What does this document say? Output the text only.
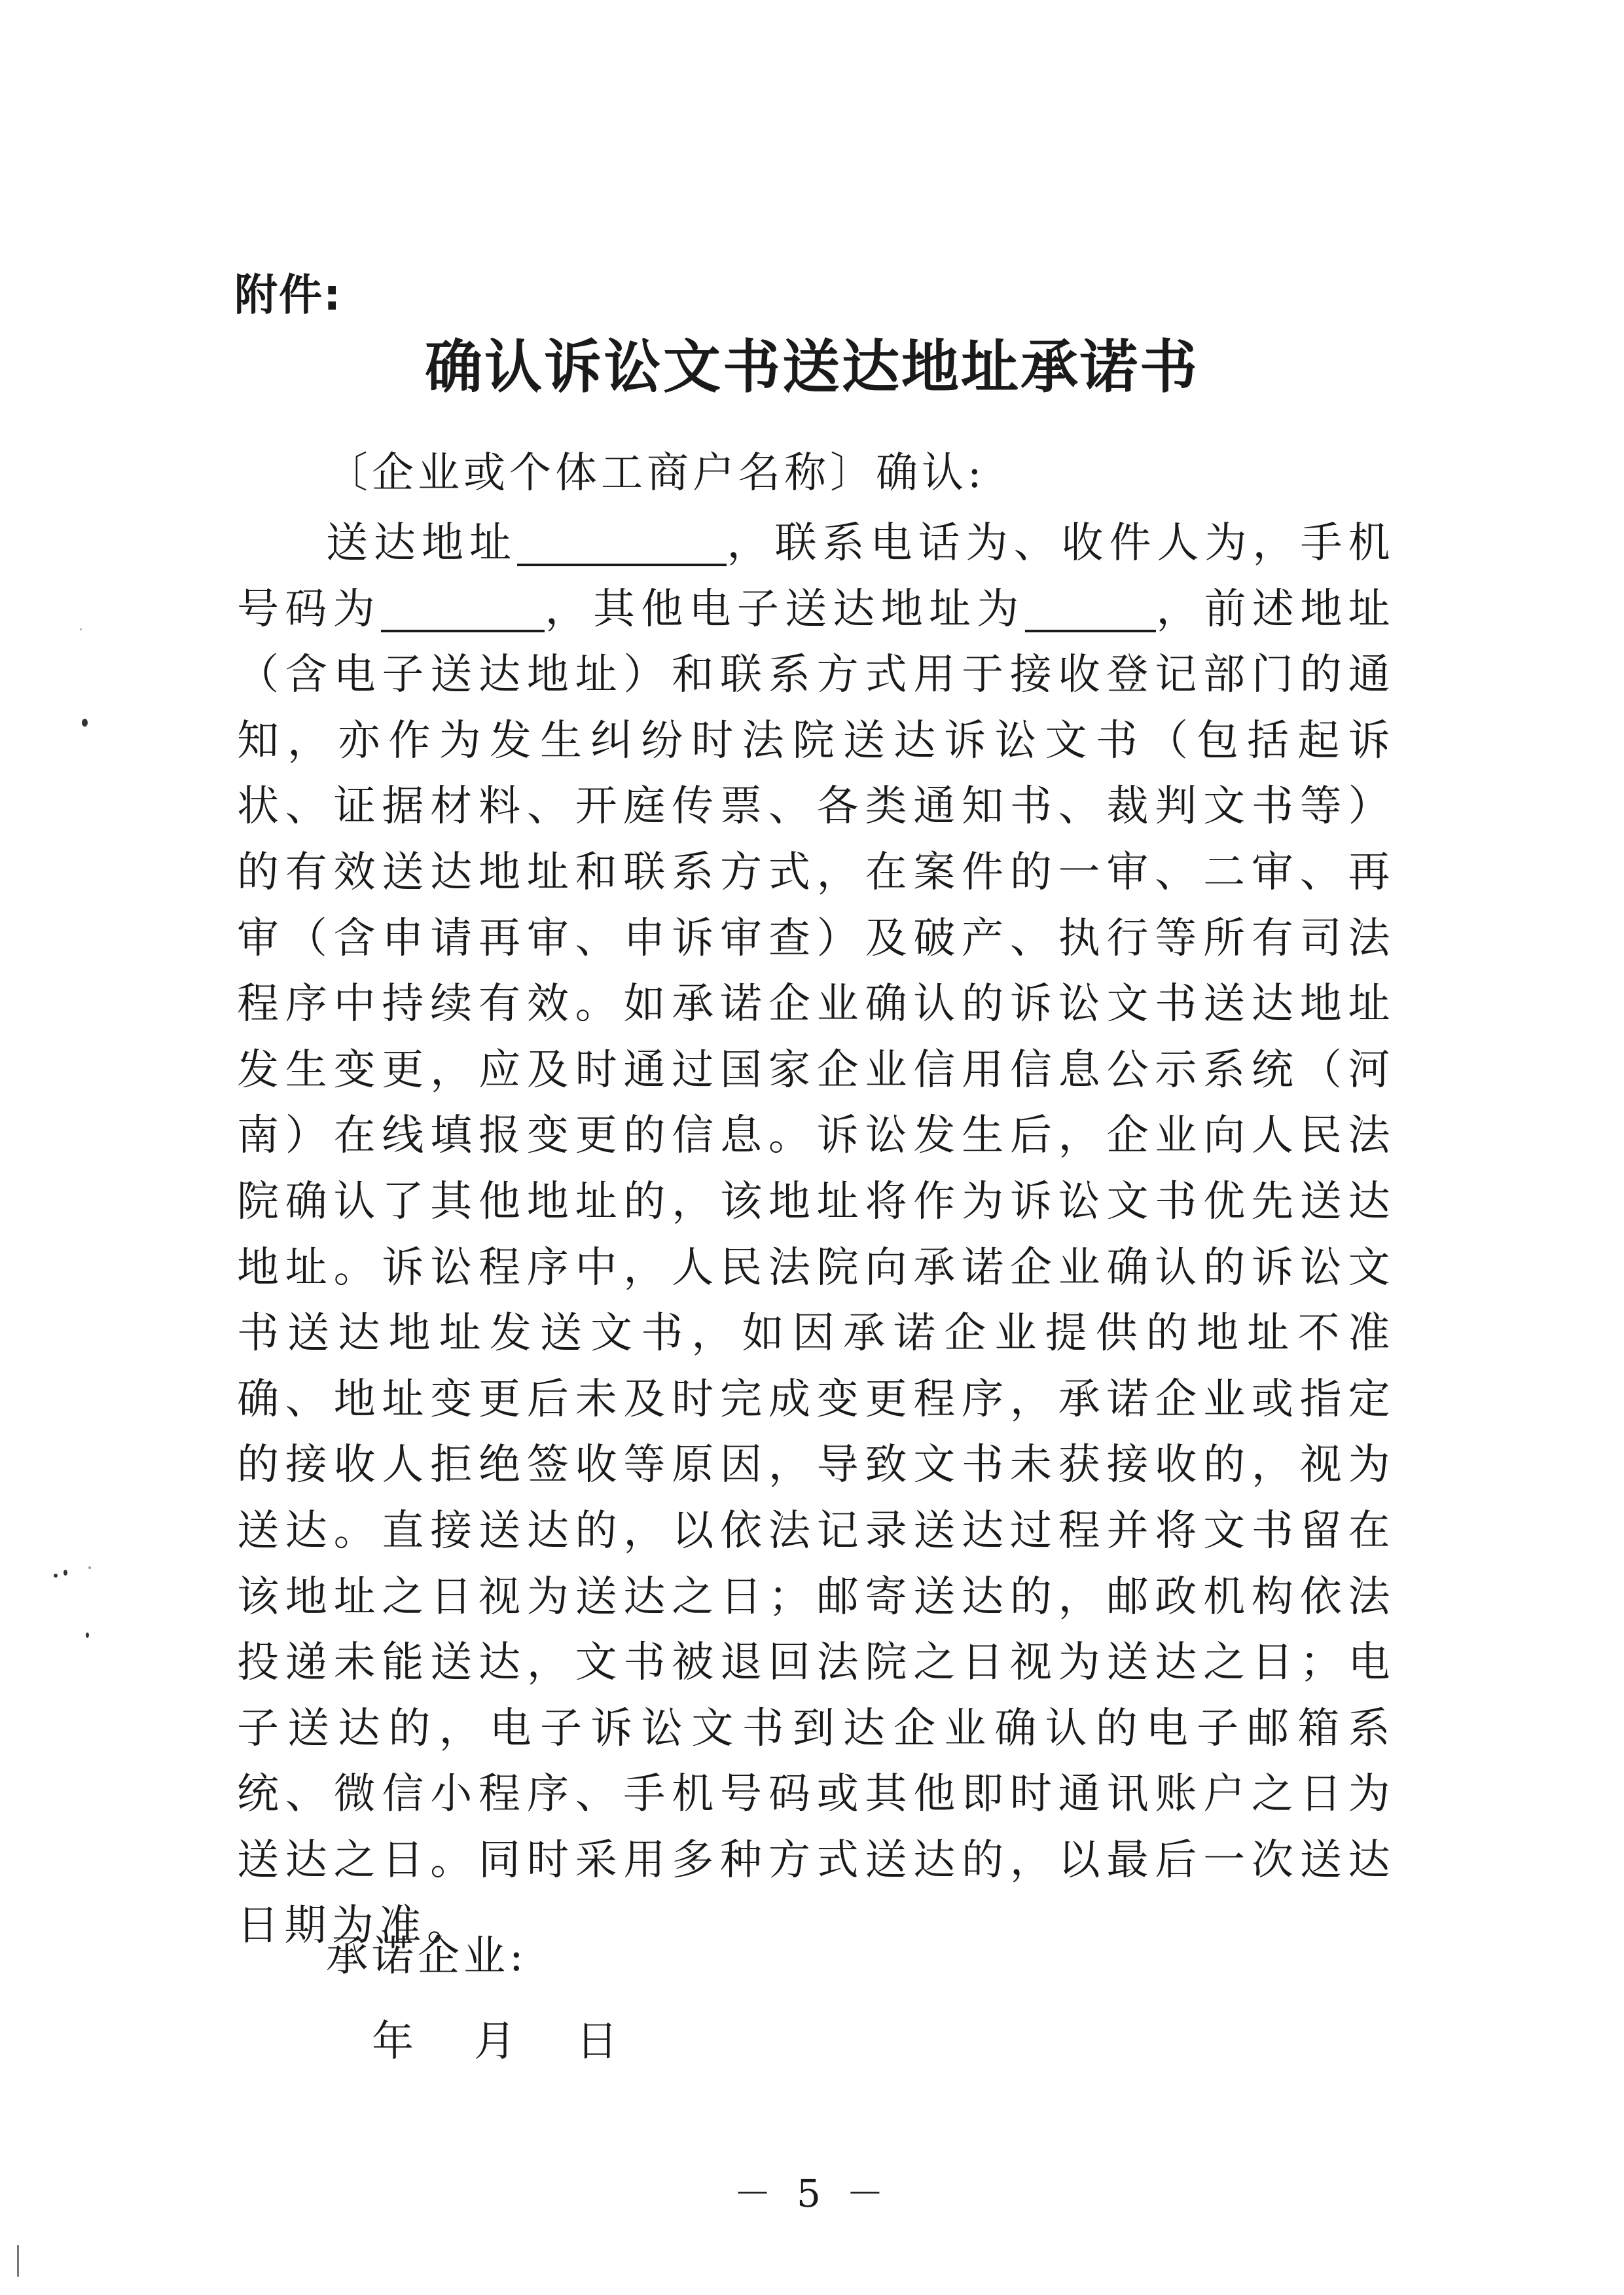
附件:
确认诉讼文书送达地址承诺书
〔企业或个体工商户名称〕确认:
送达地址	，联系电话为、收件人为，手机号码为	，其他电子送达地址为	，前述地址（含电子送达地址）和联系方式用于接收登记部门的通知，亦作为发生纠纷时法院送达诉讼文书（包括起诉状、证据材料、开庭传票、各类通知书、裁判文书等）的有效送达地址和联系方式，在案件的一审、二审、再审（含申请再审、申诉审查）及破产、执行等所有司法程序中持续有效。如承诺企业确认的诉讼文书送达地址发生变更，应及时通过国家企业信用信息公示系统（河南）在线填报变更的信息。诉讼发生后，企业向人民法院确认了其他地址的，该地址将作为诉讼文书优先送达地址。诉讼程序中，人民法院向承诺企业确认的诉讼文书送达地址发送文书，如因承诺企业提供的地址不准确、地址变更后未及时完成变更程序，承诺企业或指定的接收人拒绝签收等原因，导致文书未获接收的，视为送达。直接送达的，以依法记录送达过程并将文书留在该地址之日视为送达之日；邮寄送达的，邮政机构依法投递未能送达，文书被退回法院之日视为送达之日；电子送达的，电子诉讼文书到达企业确认的电子邮箱系统、微信小程序、手机号码或其他即时通讯账户之日为送达之日。同时采用多种方式送达的，以最后一次送达日期为准。
承诺企业:
年 月 日
－ 5 －
